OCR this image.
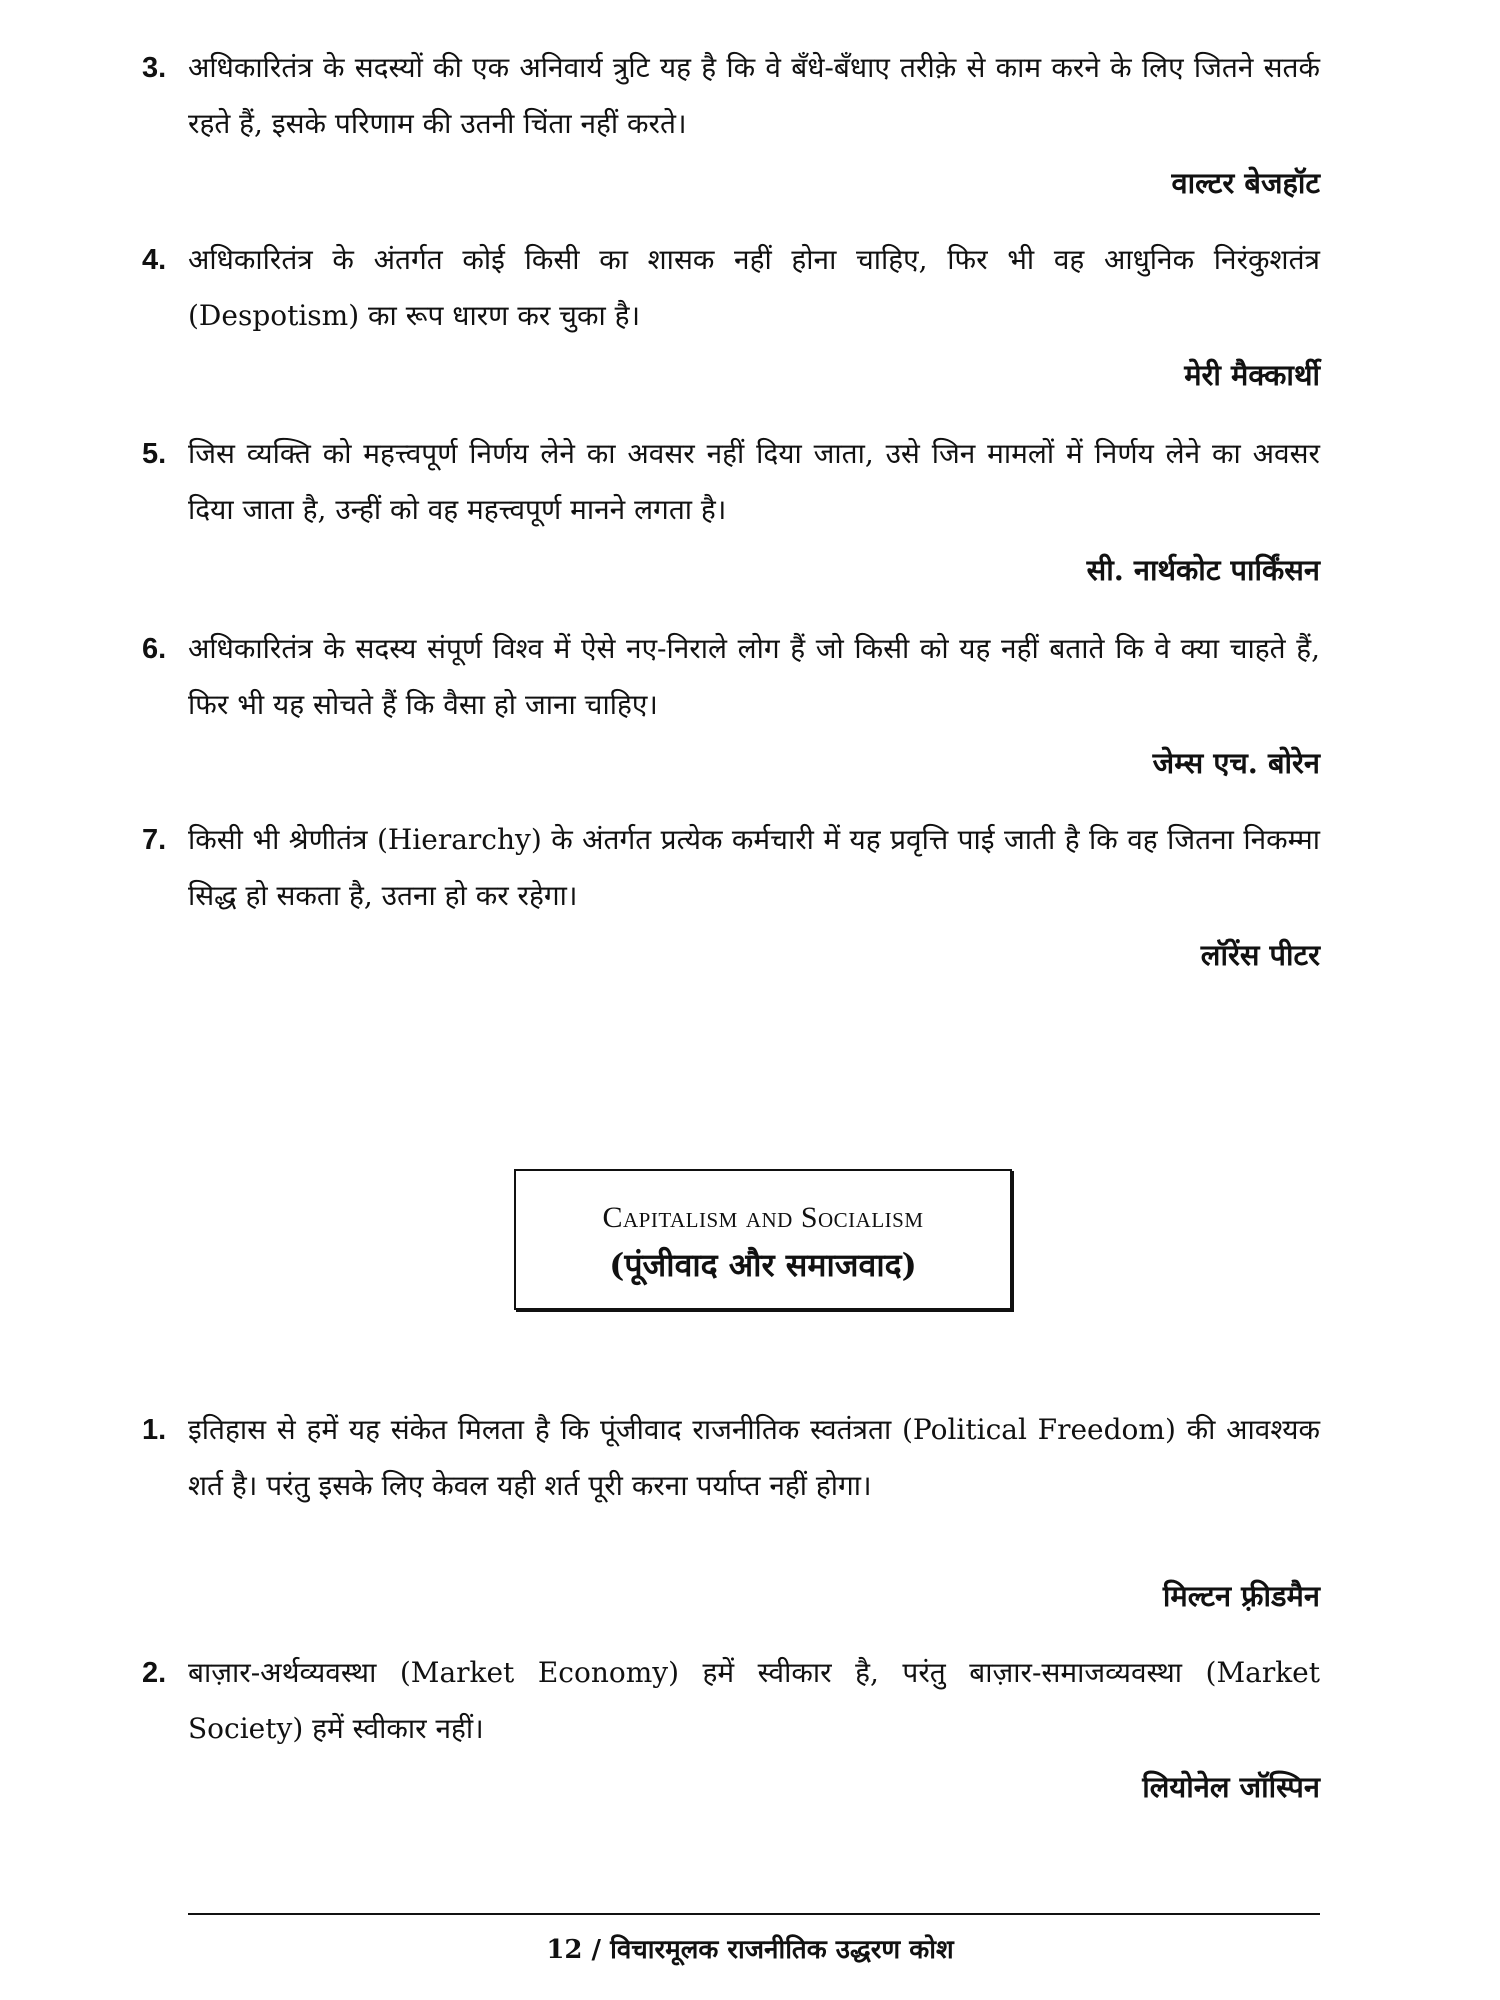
3. अधिकारितंत्र के सदस्यों की एक अनिवार्य त्रुटि यह है कि वे बँधे-बँधाए तरीक़े से काम करने के लिए जितने सतर्क रहते हैं, इसके परिणाम की उतनी चिंता नहीं करते।

वाल्टर बेजहॉट
4. अधिकारितंत्र के अंतर्गत कोई किसी का शासक नहीं होना चाहिए, फिर भी वह आधुनिक निरंकुशतंत्र (Despotism) का रूप धारण कर चुका है।

मेरी मैक्कार्थी
5. जिस व्यक्ति को महत्त्वपूर्ण निर्णय लेने का अवसर नहीं दिया जाता, उसे जिन मामलों में निर्णय लेने का अवसर दिया जाता है, उन्हीं को वह महत्त्वपूर्ण मानने लगता है।

सी. नार्थकोट पार्किंसन
6. अधिकारितंत्र के सदस्य संपूर्ण विश्व में ऐसे नए-निराले लोग हैं जो किसी को यह नहीं बताते कि वे क्या चाहते हैं, फिर भी यह सोचते हैं कि वैसा हो जाना चाहिए।

जेम्स एच. बोरेन
7. किसी भी श्रेणीतंत्र (Hierarchy) के अंतर्गत प्रत्येक कर्मचारी में यह प्रवृत्ति पाई जाती है कि वह जितना निकम्मा सिद्ध हो सकता है, उतना हो कर रहेगा।

लॉरेंस पीटर
Capitalism and Socialism
(पूंजीवाद और समाजवाद)
1. इतिहास से हमें यह संकेत मिलता है कि पूंजीवाद राजनीतिक स्वतंत्रता (Political Freedom) की आवश्यक शर्त है। परंतु इसके लिए केवल यही शर्त पूरी करना पर्याप्त नहीं होगा।

मिल्टन फ़्रीडमैन
2. बाज़ार-अर्थव्यवस्था (Market Economy) हमें स्वीकार है, परंतु बाज़ार-समाजव्यवस्था (Market Society) हमें स्वीकार नहीं।

लियोनेल जॉस्पिन
12 / विचारमूलक राजनीतिक उद्धरण कोश
